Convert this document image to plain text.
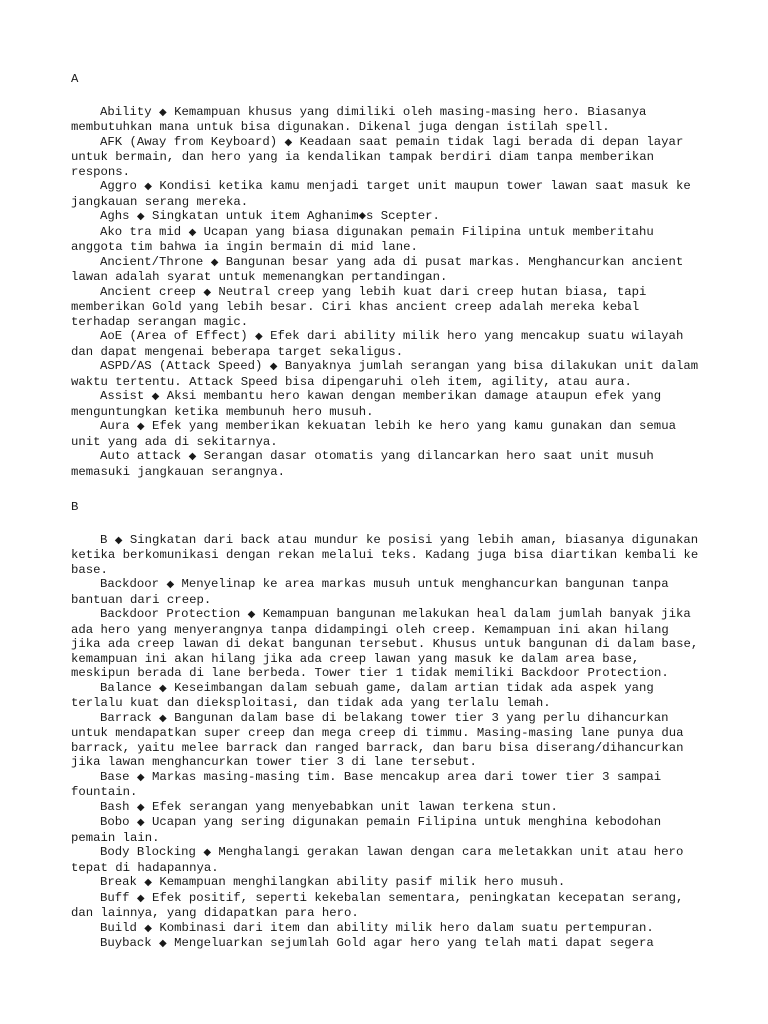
A

Ability ◆ Kemampuan khusus yang dimiliki oleh masing-masing hero. Biasanya membutuhkan mana untuk bisa digunakan. Dikenal juga dengan istilah spell.

AFK (Away from Keyboard) ◆ Keadaan saat pemain tidak lagi berada di depan layar untuk bermain, dan hero yang ia kendalikan tampak berdiri diam tanpa memberikan respons.

Aggro ◆ Kondisi ketika kamu menjadi target unit maupun tower lawan saat masuk ke jangkauan serang mereka.

Aghs ◆ Singkatan untuk item Aghanim◆s Scepter.

Ako tra mid ◆ Ucapan yang biasa digunakan pemain Filipina untuk memberitahu anggota tim bahwa ia ingin bermain di mid lane.

Ancient/Throne ◆ Bangunan besar yang ada di pusat markas. Menghancurkan ancient lawan adalah syarat untuk memenangkan pertandingan.

Ancient creep ◆ Neutral creep yang lebih kuat dari creep hutan biasa, tapi memberikan Gold yang lebih besar. Ciri khas ancient creep adalah mereka kebal terhadap serangan magic.

AoE (Area of Effect) ◆ Efek dari ability milik hero yang mencakup suatu wilayah dan dapat mengenai beberapa target sekaligus.

ASPD/AS (Attack Speed) ◆ Banyaknya jumlah serangan yang bisa dilakukan unit dalam waktu tertentu. Attack Speed bisa dipengaruhi oleh item, agility, atau aura.

Assist ◆ Aksi membantu hero kawan dengan memberikan damage ataupun efek yang menguntungkan ketika membunuh hero musuh.

Aura ◆ Efek yang memberikan kekuatan lebih ke hero yang kamu gunakan dan semua unit yang ada di sekitarnya.

Auto attack ◆ Serangan dasar otomatis yang dilancarkan hero saat unit musuh memasuki jangkauan serangnya.

B

B ◆ Singkatan dari back atau mundur ke posisi yang lebih aman, biasanya digunakan ketika berkomunikasi dengan rekan melalui teks. Kadang juga bisa diartikan kembali ke base.

Backdoor ◆ Menyelinap ke area markas musuh untuk menghancurkan bangunan tanpa bantuan dari creep.

Backdoor Protection ◆ Kemampuan bangunan melakukan heal dalam jumlah banyak jika ada hero yang menyerangnya tanpa didampingi oleh creep. Kemampuan ini akan hilang jika ada creep lawan di dekat bangunan tersebut. Khusus untuk bangunan di dalam base, kemampuan ini akan hilang jika ada creep lawan yang masuk ke dalam area base, meskipun berada di lane berbeda. Tower tier 1 tidak memiliki Backdoor Protection.

Balance ◆ Keseimbangan dalam sebuah game, dalam artian tidak ada aspek yang terlalu kuat dan dieksploitasi, dan tidak ada yang terlalu lemah.

Barrack ◆ Bangunan dalam base di belakang tower tier 3 yang perlu dihancurkan untuk mendapatkan super creep dan mega creep di timmu. Masing-masing lane punya dua barrack, yaitu melee barrack dan ranged barrack, dan baru bisa diserang/dihancurkan jika lawan menghancurkan tower tier 3 di lane tersebut.

Base ◆ Markas masing-masing tim. Base mencakup area dari tower tier 3 sampai fountain.

Bash ◆ Efek serangan yang menyebabkan unit lawan terkena stun.

Bobo ◆ Ucapan yang sering digunakan pemain Filipina untuk menghina kebodohan pemain lain.

Body Blocking ◆ Menghalangi gerakan lawan dengan cara meletakkan unit atau hero tepat di hadapannya.

Break ◆ Kemampuan menghilangkan ability pasif milik hero musuh.

Buff ◆ Efek positif, seperti kekebalan sementara, peningkatan kecepatan serang, dan lainnya, yang didapatkan para hero.

Build ◆ Kombinasi dari item dan ability milik hero dalam suatu pertempuran.

Buyback ◆ Mengeluarkan sejumlah Gold agar hero yang telah mati dapat segera
